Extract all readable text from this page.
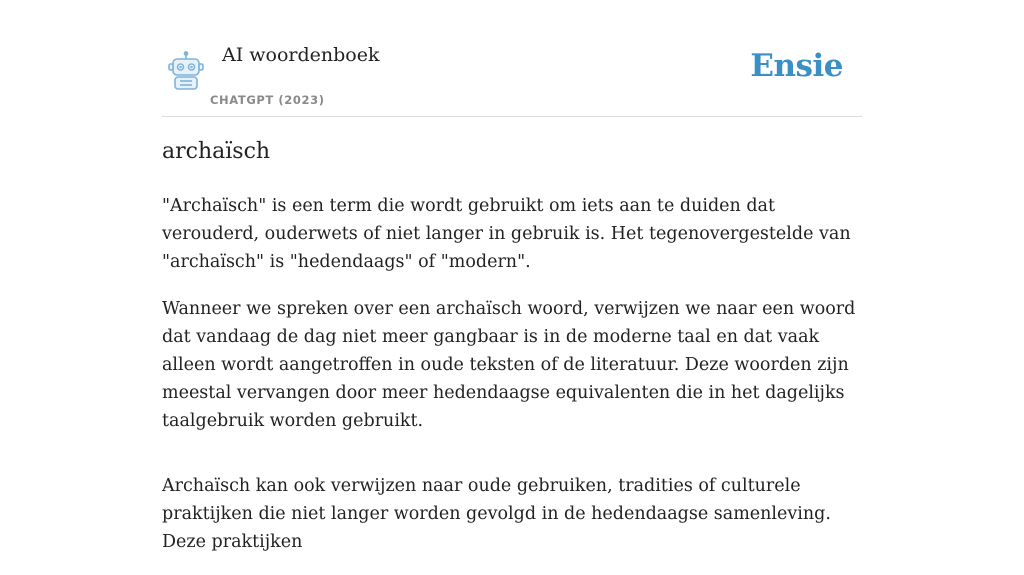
AI woordenboek
CHATGPT (2023)
Ensie
archaïsch

"Archaïsch" is een term die wordt gebruikt om iets aan te duiden dat verouderd, ouderwets of niet langer in gebruik is. Het tegenovergestelde van "archaïsch" is "hedendaags" of "modern".

Wanneer we spreken over een archaïsch woord, verwijzen we naar een woord dat vandaag de dag niet meer gangbaar is in de moderne taal en dat vaak alleen wordt aangetroffen in oude teksten of de literatuur. Deze woorden zijn meestal vervangen door meer hedendaagse equivalenten die in het dagelijks taalgebruik worden gebruikt.

Archaïsch kan ook verwijzen naar oude gebruiken, tradities of culturele praktijken die niet langer worden gevolgd in de hedendaagse samenleving. Deze praktijken
